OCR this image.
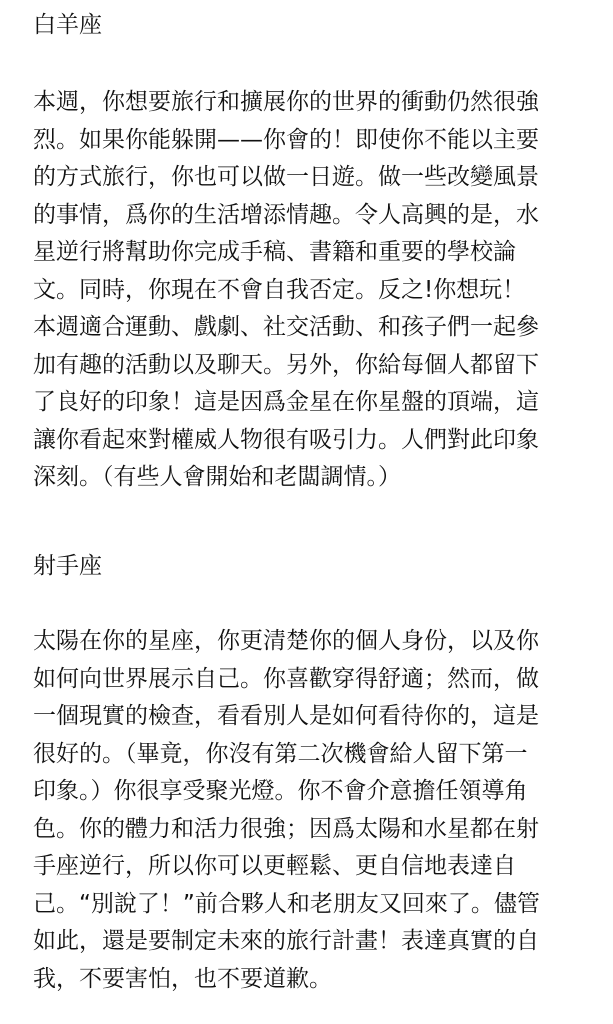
白羊座
本週，你想要旅行和擴展你的世界的衝動仍然很強
烈。如果你能躲開——你會的！即使你不能以主要
的方式旅行，你也可以做一日遊。做一些改變風景
的事情，爲你的生活增添情趣。令人高興的是，水
星逆行將幫助你完成手稿、書籍和重要的學校論
文。同時，你現在不會自我否定。反之!你想玩！
本週適合運動、戲劇、社交活動、和孩子們一起參
加有趣的活動以及聊天。另外，你給每個人都留下
了良好的印象！這是因爲金星在你星盤的頂端，這
讓你看起來對權威人物很有吸引力。人們對此印象
深刻。（有些人會開始和老闆調情。）
射手座
太陽在你的星座，你更清楚你的個人身份，以及你
如何向世界展示自己。你喜歡穿得舒適；然而，做
一個現實的檢查，看看別人是如何看待你的，這是
很好的。（畢竟，你沒有第二次機會給人留下第一
印象。）你很享受聚光燈。你不會介意擔任領導角
色。你的體力和活力很強；因爲太陽和水星都在射
手座逆行，所以你可以更輕鬆、更自信地表達自
己。“別說了！”前合夥人和老朋友又回來了。儘管
如此，還是要制定未來的旅行計畫！表達真實的自
我，不要害怕，也不要道歉。
